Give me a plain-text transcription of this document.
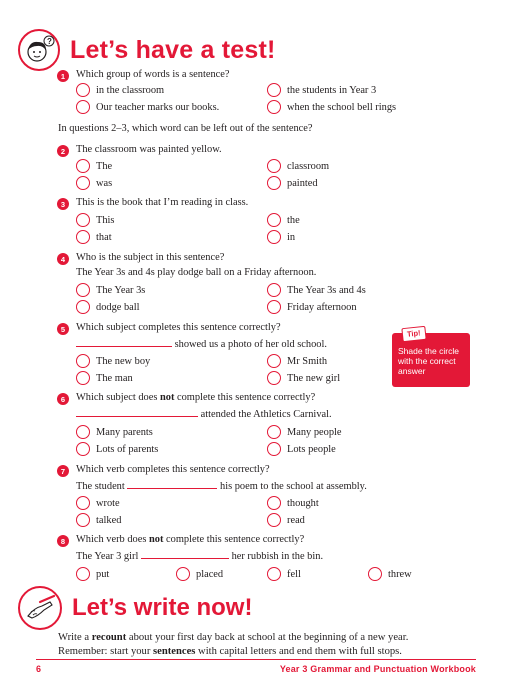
? Let’s have a test!
1	Which group of words is a sentence?
in the classroom	the students in Year 3
Our teacher marks our books.	when the school bell rings
In questions 2–3, which word can be left out of the sentence?
2	The classroom was painted yellow.
The	classroom
was	painted
3	This is the book that I’m reading in class.
This	the
that	in
4	Who is the subject in this sentence?
The Year 3s and 4s play dodge ball on a Friday afternoon.
The Year 3s	The Year 3s and 4s
dodge ball	Friday afternoon
5	Which subject completes this sentence correctly?
showed us a photo of her old school.
The new boy	Mr Smith
The man	The new girl
Tip!
Shade the circle with the correct answer
6	Which subject does not complete this sentence correctly?
attended the Athletics Carnival.
Many parents	Many people
Lots of parents	Lots people
7	Which verb completes this sentence correctly?
The student	his poem to the school at assembly.
wrote	thought
talked	read
8	Which verb does not complete this sentence correctly?
The Year 3 girl	her rubbish in the bin.
put	placed	fell	threw
Let’s write now!
Write a recount about your first day back at school at the beginning of a new year.
Remember: start your sentences with capital letters and end them with full stops.
6	Year 3 Grammar and Punctuation Workbook
